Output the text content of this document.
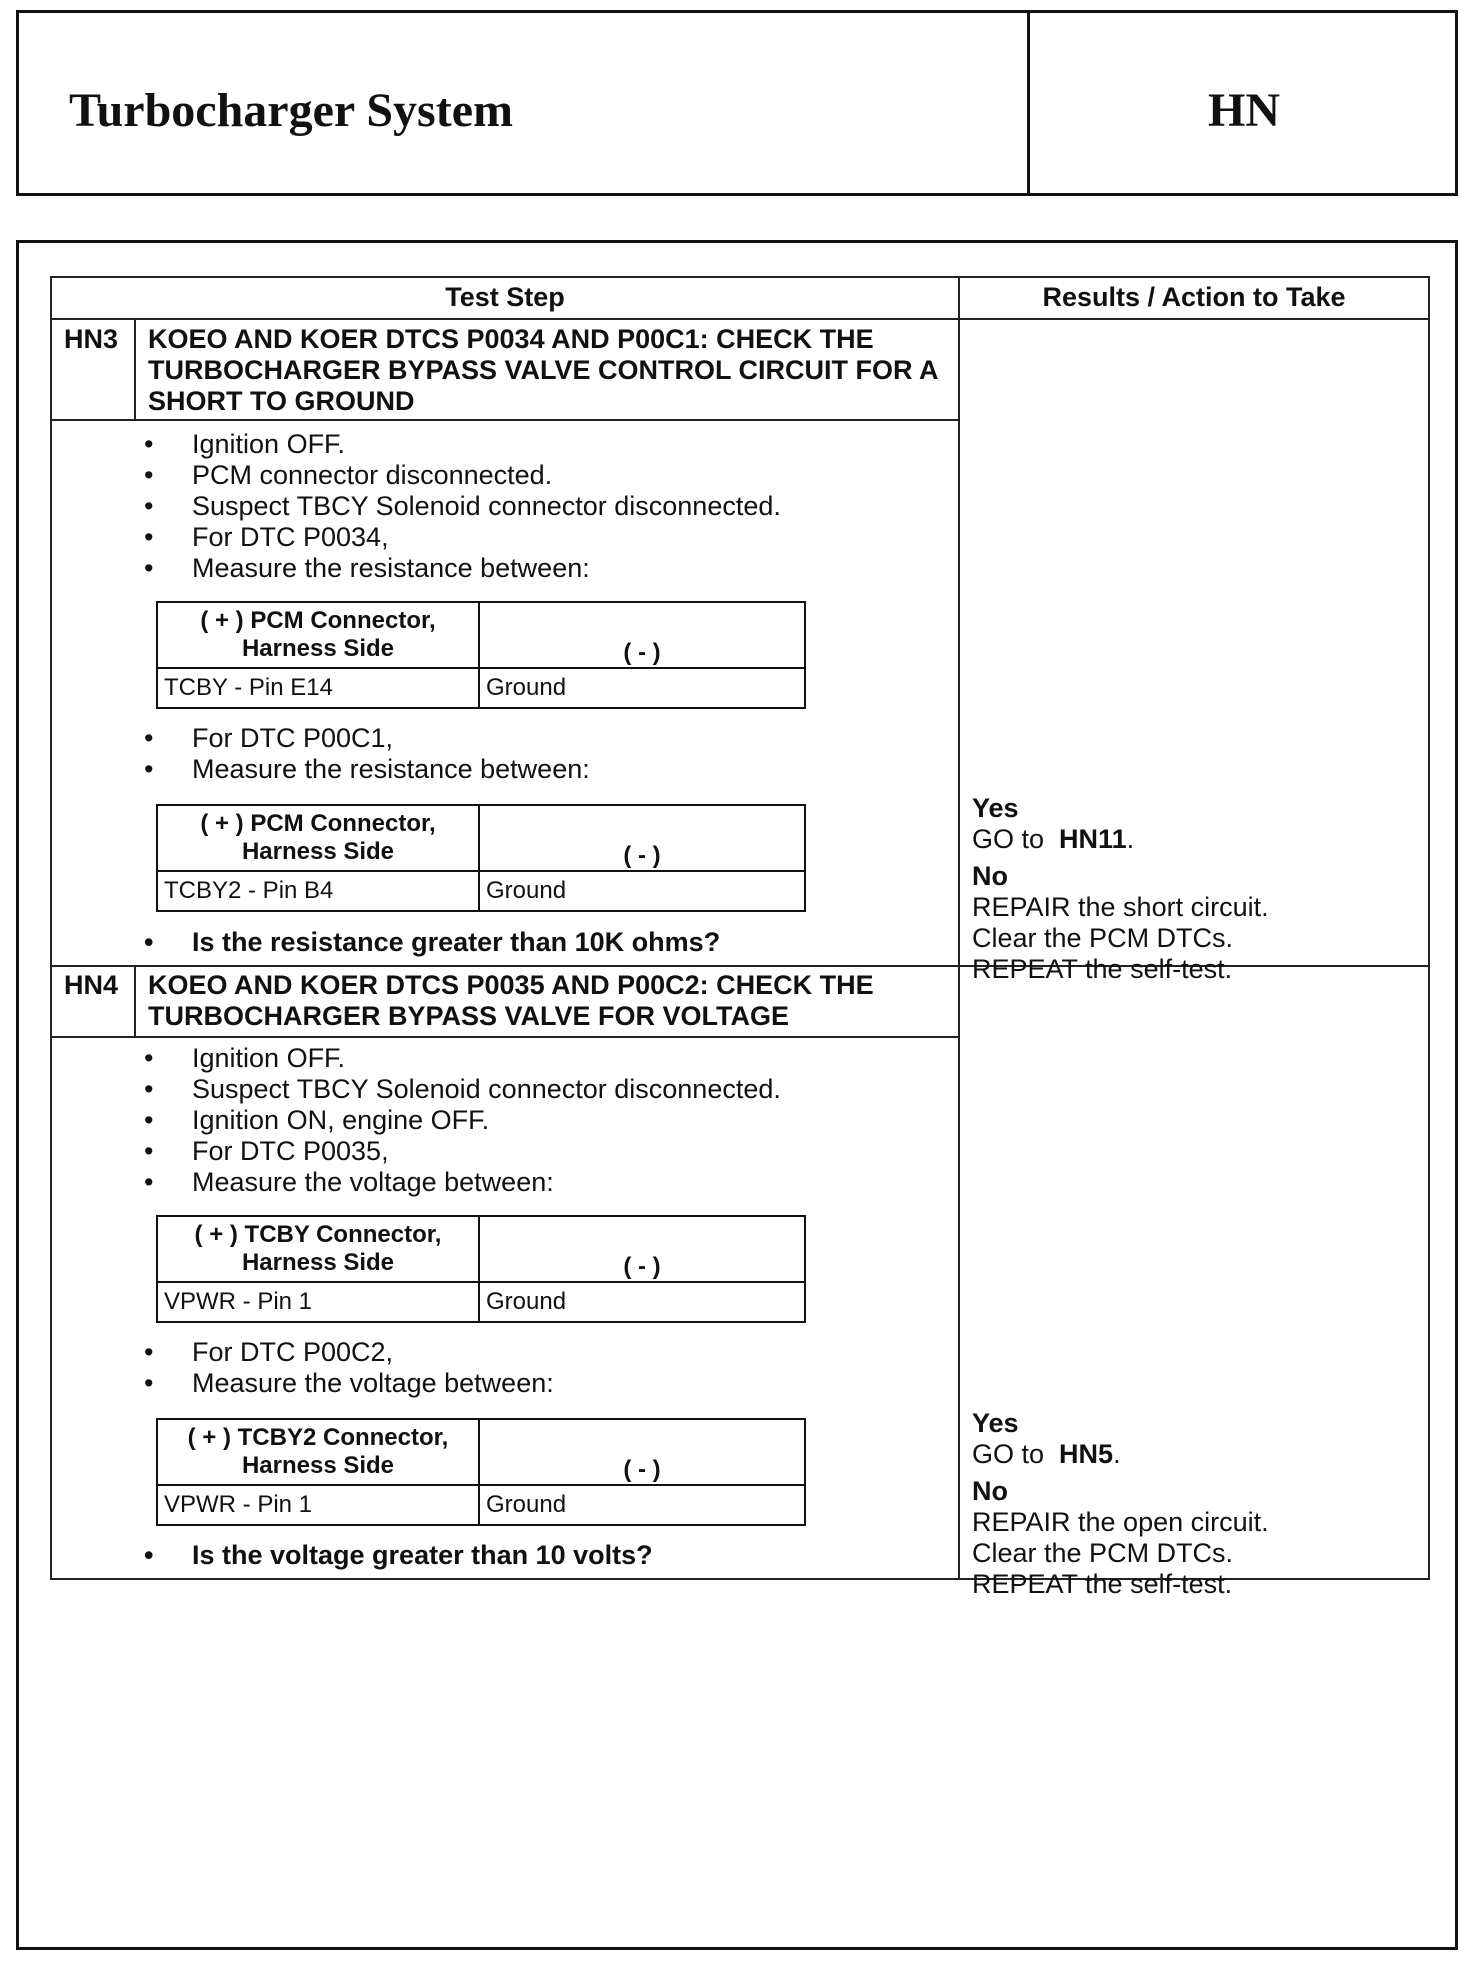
Turbocharger System	HN
Test Step	Results / Action to Take
HN3 KOEO AND KOER DTCS P0034 AND P00C1: CHECK THE TURBOCHARGER BYPASS VALVE CONTROL CIRCUIT FOR A SHORT TO GROUND
• Ignition OFF.
• PCM connector disconnected.
• Suspect TBCY Solenoid connector disconnected.
• For DTC P0034,
• Measure the resistance between:
( + ) PCM Connector, Harness Side	( - )
TCBY - Pin E14	Ground
• For DTC P00C1,
• Measure the resistance between:
( + ) PCM Connector, Harness Side	( - )
TCBY2 - Pin B4	Ground
• Is the resistance greater than 10K ohms?
Yes
GO to HN11.
No
REPAIR the short circuit. Clear the PCM DTCs. REPEAT the self-test.
HN4 KOEO AND KOER DTCS P0035 AND P00C2: CHECK THE TURBOCHARGER BYPASS VALVE FOR VOLTAGE
• Ignition OFF.
• Suspect TBCY Solenoid connector disconnected.
• Ignition ON, engine OFF.
• For DTC P0035,
• Measure the voltage between:
( + ) TCBY Connector, Harness Side	( - )
VPWR - Pin 1	Ground
• For DTC P00C2,
• Measure the voltage between:
( + ) TCBY2 Connector, Harness Side	( - )
VPWR - Pin 1	Ground
• Is the voltage greater than 10 volts?
Yes
GO to HN5.
No
REPAIR the open circuit. Clear the PCM DTCs. REPEAT the self-test.
